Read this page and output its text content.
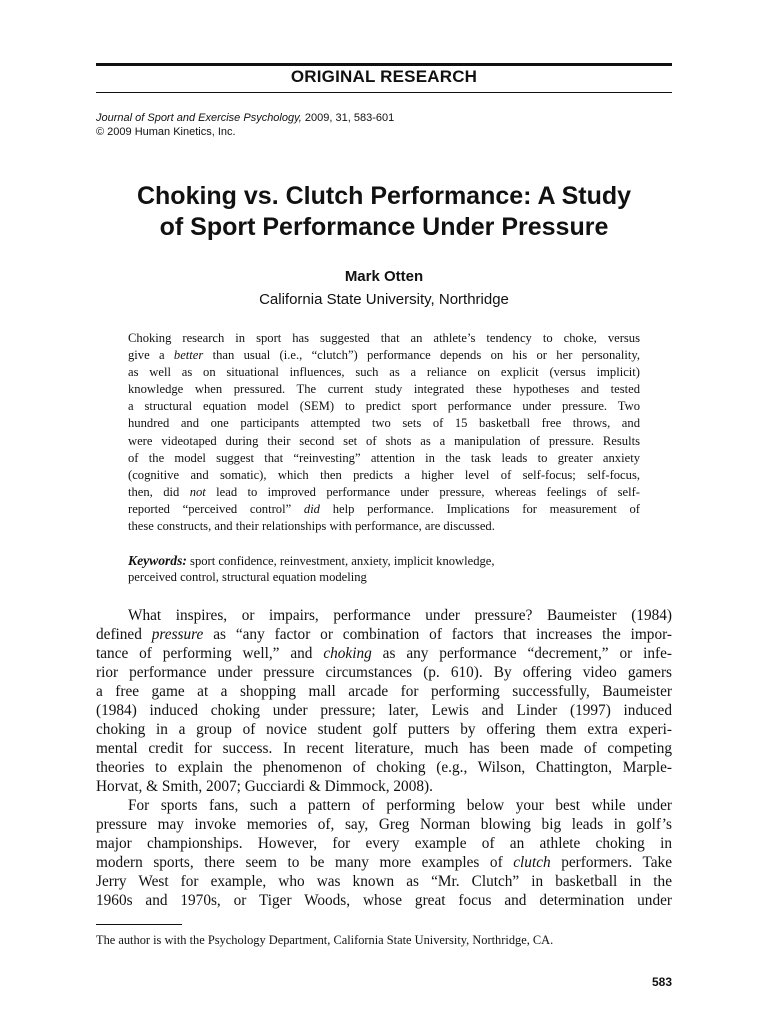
ORIGINAL RESEARCH
Journal of Sport and Exercise Psychology, 2009, 31, 583-601
© 2009 Human Kinetics, Inc.
Choking vs. Clutch Performance: A Study
of Sport Performance Under Pressure
Mark Otten
California State University, Northridge
Choking research in sport has suggested that an athlete’s tendency to choke, versus
give a better than usual (i.e., “clutch”) performance depends on his or her personality,
as well as on situational influences, such as a reliance on explicit (versus implicit)
knowledge when pressured. The current study integrated these hypotheses and tested
a structural equation model (SEM) to predict sport performance under pressure. Two
hundred and one participants attempted two sets of 15 basketball free throws, and
were videotaped during their second set of shots as a manipulation of pressure. Results
of the model suggest that “reinvesting” attention in the task leads to greater anxiety
(cognitive and somatic), which then predicts a higher level of self-focus; self-focus,
then, did not lead to improved performance under pressure, whereas feelings of self-
reported “perceived control” did help performance. Implications for measurement of
these constructs, and their relationships with performance, are discussed.
Keywords: sport confidence, reinvestment, anxiety, implicit knowledge,
perceived control, structural equation modeling
What inspires, or impairs, performance under pressure? Baumeister (1984)
defined pressure as “any factor or combination of factors that increases the impor-
tance of performing well,” and choking as any performance “decrement,” or infe-
rior performance under pressure circumstances (p. 610). By offering video gamers
a free game at a shopping mall arcade for performing successfully, Baumeister
(1984) induced choking under pressure; later, Lewis and Linder (1997) induced
choking in a group of novice student golf putters by offering them extra experi-
mental credit for success. In recent literature, much has been made of competing
theories to explain the phenomenon of choking (e.g., Wilson, Chattington, Marple-
Horvat, & Smith, 2007; Gucciardi & Dimmock, 2008).
For sports fans, such a pattern of performing below your best while under
pressure may invoke memories of, say, Greg Norman blowing big leads in golf’s
major championships. However, for every example of an athlete choking in
modern sports, there seem to be many more examples of clutch performers. Take
Jerry West for example, who was known as “Mr. Clutch” in basketball in the
1960s and 1970s, or Tiger Woods, whose great focus and determination under
The author is with the Psychology Department, California State University, Northridge, CA.
583
